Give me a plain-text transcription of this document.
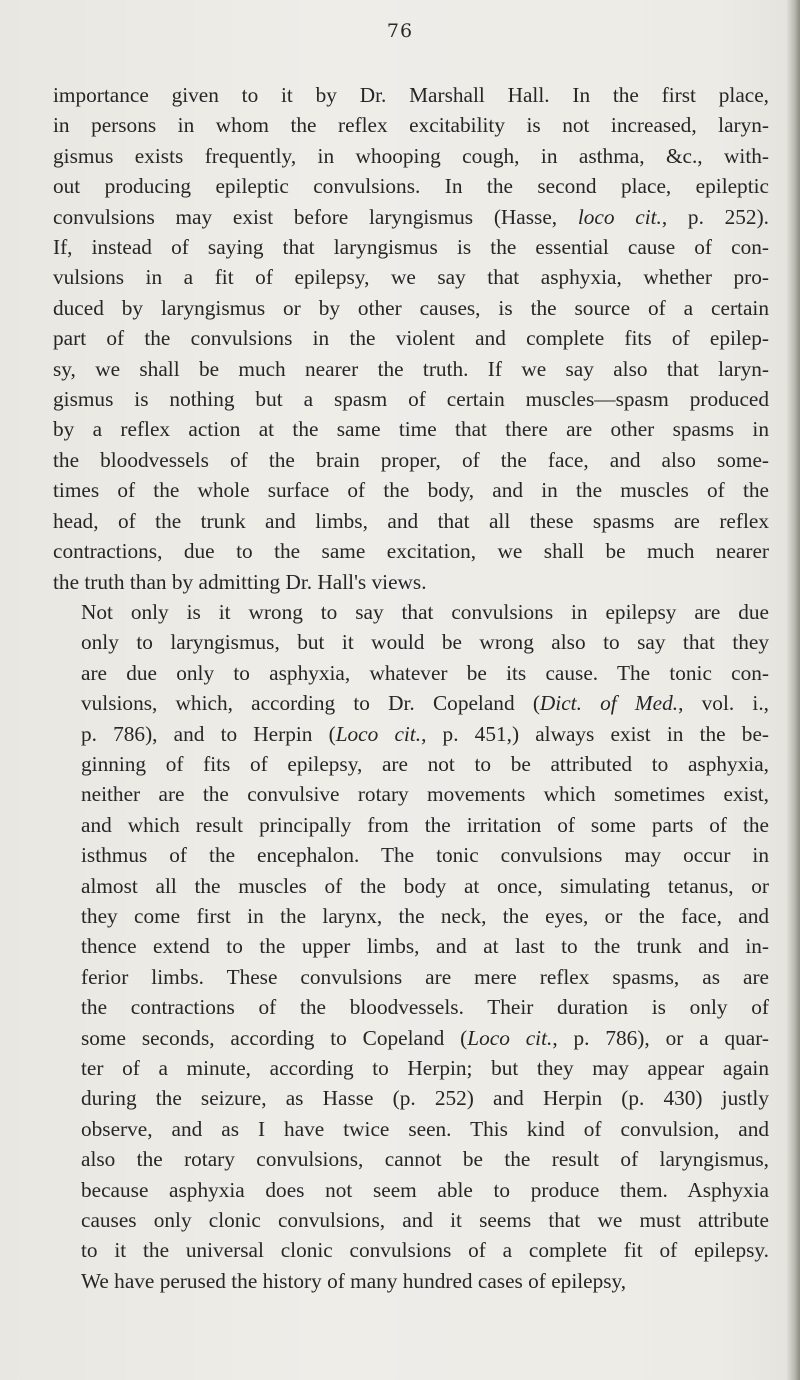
76
importance given to it by Dr. Marshall Hall. In the first place,
in persons in whom the reflex excitability is not increased, laryn-
gismus exists frequently, in whooping cough, in asthma, &c., with-
out producing epileptic convulsions. In the second place, epileptic
convulsions may exist before laryngismus (Hasse, loco cit., p. 252).
If, instead of saying that laryngismus is the essential cause of con-
vulsions in a fit of epilepsy, we say that asphyxia, whether pro-
duced by laryngismus or by other causes, is the source of a certain
part of the convulsions in the violent and complete fits of epilep-
sy, we shall be much nearer the truth. If we say also that laryn-
gismus is nothing but a spasm of certain muscles—spasm produced
by a reflex action at the same time that there are other spasms in
the bloodvessels of the brain proper, of the face, and also some-
times of the whole surface of the body, and in the muscles of the
head, of the trunk and limbs, and that all these spasms are reflex
contractions, due to the same excitation, we shall be much nearer
the truth than by admitting Dr. Hall's views.
Not only is it wrong to say that convulsions in epilepsy are due
only to laryngismus, but it would be wrong also to say that they
are due only to asphyxia, whatever be its cause. The tonic con-
vulsions, which, according to Dr. Copeland (Dict. of Med., vol. i.,
p. 786), and to Herpin (Loco cit., p. 451,) always exist in the be-
ginning of fits of epilepsy, are not to be attributed to asphyxia,
neither are the convulsive rotary movements which sometimes exist,
and which result principally from the irritation of some parts of the
isthmus of the encephalon. The tonic convulsions may occur in
almost all the muscles of the body at once, simulating tetanus, or
they come first in the larynx, the neck, the eyes, or the face, and
thence extend to the upper limbs, and at last to the trunk and in-
ferior limbs. These convulsions are mere reflex spasms, as are
the contractions of the bloodvessels. Their duration is only of
some seconds, according to Copeland (Loco cit., p. 786), or a quar-
ter of a minute, according to Herpin; but they may appear again
during the seizure, as Hasse (p. 252) and Herpin (p. 430) justly
observe, and as I have twice seen. This kind of convulsion, and
also the rotary convulsions, cannot be the result of laryngismus,
because asphyxia does not seem able to produce them. Asphyxia
causes only clonic convulsions, and it seems that we must attribute
to it the universal clonic convulsions of a complete fit of epilepsy.
We have perused the history of many hundred cases of epilepsy,
